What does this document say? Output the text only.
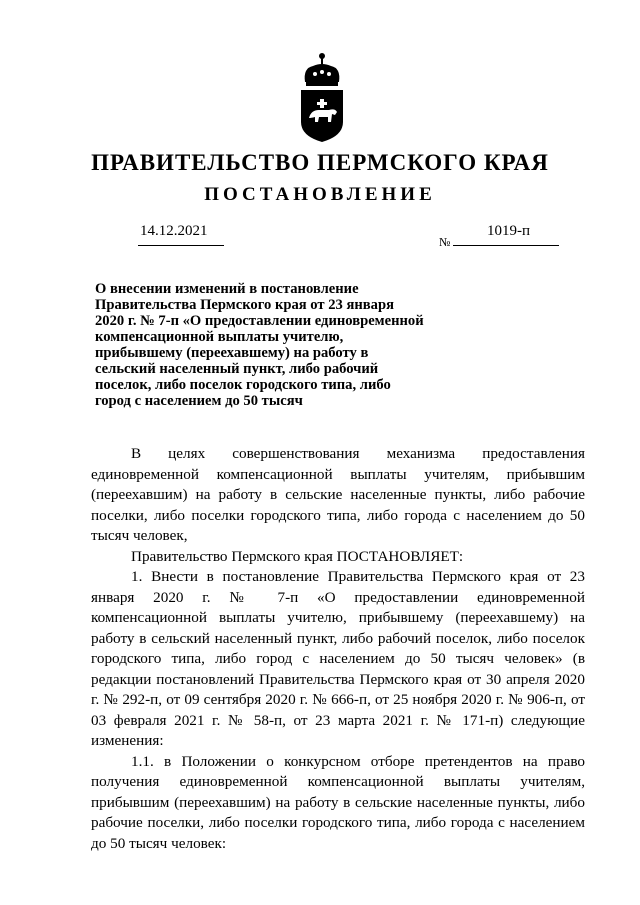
ПРАВИТЕЛЬСТВО ПЕРМСКОГО КРАЯ
ПОСТАНОВЛЕНИЕ
14.12.2021
№
1019-п

О внесении изменений в постановление Правительства Пермского края от 23 января 2020 г. № 7-п «О предоставлении единовременной компенсационной выплаты учителю, прибывшему (переехавшему) на работу в сельский населенный пункт, либо рабочий поселок, либо поселок городского типа, либо город с населением до 50 тысяч

В целях совершенствования механизма предоставления единовременной компенсационной выплаты учителям, прибывшим (переехавшим) на работу в сельские населенные пункты, либо рабочие поселки, либо поселки городского типа, либо города с населением до 50 тысяч человек,

Правительство Пермского края ПОСТАНОВЛЯЕТ:

1. Внести в постановление Правительства Пермского края от 23 января 2020 г. № 7-п «О предоставлении единовременной компенсационной выплаты учителю, прибывшему (переехавшему) на работу в сельский населенный пункт, либо рабочий поселок, либо поселок городского типа, либо город с населением до 50 тысяч человек» (в редакции постановлений Правительства Пермского края от 30 апреля 2020 г. № 292-п, от 09 сентября 2020 г. № 666-п, от 25 ноября 2020 г. № 906-п, от 03 февраля 2021 г. № 58-п, от 23 марта 2021 г. № 171-п) следующие изменения:

1.1. в Положении о конкурсном отборе претендентов на право получения единовременной компенсационной выплаты учителям, прибывшим (переехавшим) на работу в сельские населенные пункты, либо рабочие поселки, либо поселки городского типа, либо города с населением до 50 тысяч человек:
